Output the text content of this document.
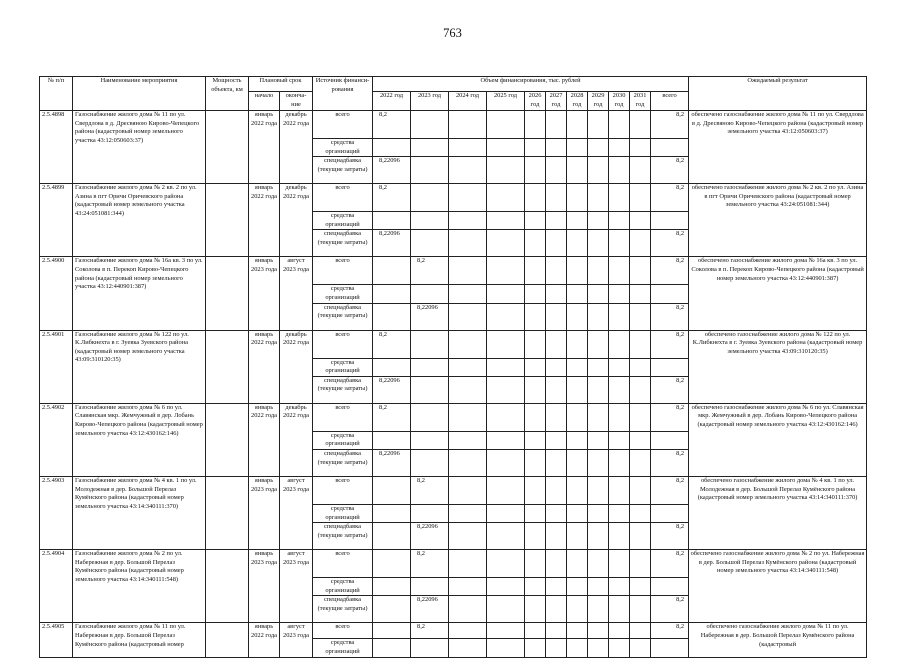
763
№ п/п	Наименование мероприятия	Мощность объекта, км	Плановый срок		Источник финанси-рования	Объем финансирования, тыс. рублей											Ожидаемый результат
			начало	оконча-ние		2022 год	2023 год	2024 год	2025 год	2026 год	2027 год	2028 год	2029 год	2030 год	2031 год	всего	
2.5.4898	Газоснабжение жилого дома № 11 по ул. Свердлова в д. Дресвяною Кирово-Чепецкого района (кадастровый номер земельного участка 43:12:050603:37)		январь 2022 года	декабрь 2022 года	всего	8,2										8,2	обеспечено газоснабжение жилого дома № 11 по ул. Свердлова в д. Дресвяною Кирово-Чепецкого района (кадастровый номер земельного участка 43:12:050603:37)
					средства организаций												
					спецнадбавка (текущие затраты)	8,22096										8,2	
2.5.4899	Газоснабжение жилого дома № 2 кв. 2 по ул. Азина в пгт Оричи Оричевского района (кадастровый номер земельного участка 43:24:051081:344)		январь 2022 года	декабрь 2022 года	всего	8,2										8,2	обеспечено газоснабжение жилого дома № 2 кв. 2 по ул. Азина в пгт Оричи Оричевского района (кадастровый номер земельного участка 43:24:051081:344)
					средства организаций												
					спецнадбавка (текущие затраты)	8,22096										8,2	
2.5.4900	Газоснабжение жилого дома № 16а кв. 3 по ул. Соколова в п. Перекоп Кирово-Чепецкого района (кадастровый номер земельного участка 43:12:440901:387)		январь 2023 года	август 2023 года	всего		8,2									8,2	обеспечено газоснабжение жилого дома № 16а кв. 3 по ул. Соколова в п. Перекоп Кирово-Чепецкого района (кадастровый номер земельного участка 43:12:440901:387)
					средства организаций												
					спецнадбавка (текущие затраты)		8,22096									8,2	
2.5.4901	Газоснабжение жилого дома № 122 по ул. К.Либкнехта в г. Зуевка Зуевского района (кадастровый номер земельного участка 43:09:310120:35)		январь 2022 года	декабрь 2022 года	всего	8,2										8,2	обеспечено газоснабжение жилого дома № 122 по ул. К.Либкнехта в г. Зуевка Зуевского района (кадастровый номер земельного участка 43:09:310120:35)
					средства организаций												
					спецнадбавка (текущие затраты)	8,22096										8,2	
2.5.4902	Газоснабжение жилого дома № 6 по ул. Славянская мкр. Жемчужный в дер. Лобань Кирово-Чепецкого района (кадастровый номер земельного участка 43:12:430162:146)		январь 2022 года	декабрь 2022 года	всего	8,2										8,2	обеспечено газоснабжение жилого дома № 6 по ул. Славянская мкр. Жемчужный в дер. Лобань Кирово-Чепецкого района (кадастровый номер земельного участка 43:12:430162:146)
					средства организаций												
					спецнадбавка (текущие затраты)	8,22096										8,2	
2.5.4903	Газоснабжение жилого дома № 4 кв. 1 по ул. Молодежная в дер. Большой Перелаз Кумёнского района (кадастровый номер земельного участка 43:14:340111:370)		январь 2023 года	август 2023 года	всего		8,2									8,2	обеспечено газоснабжение жилого дома № 4 кв. 1 по ул. Молодежная в дер. Большой Перелаз Кумёнского района (кадастровый номер земельного участка 43:14:340111:370)
					средства организаций												
					спецнадбавка (текущие затраты)		8,22096									8,2	
2.5.4904	Газоснабжение жилого дома № 2 по ул. Набережная в дер. Большой Перелаз Кумёнского района (кадастровый номер земельного участка 43:14:340111:548)		январь 2023 года	август 2023 года	всего		8,2									8,2	обеспечено газоснабжение жилого дома № 2 по ул. Набережная в дер. Большой Перелаз Кумёнского района (кадастровый номер земельного участка 43:14:340111:548)
					средства организаций												
					спецнадбавка (текущие затраты)		8,22096									8,2	
2.5.4905	Газоснабжение жилого дома № 11 по ул. Набережная в дер. Большой Перелаз Кумёнского района (кадастровый номер		январь 2022 года	август 2023 года	всего		8,2									8,2	обеспечено газоснабжение жилого дома № 11 по ул. Набережная в дер. Большой Перелаз Кумёнского района (кадастровый
					средства организаций												
